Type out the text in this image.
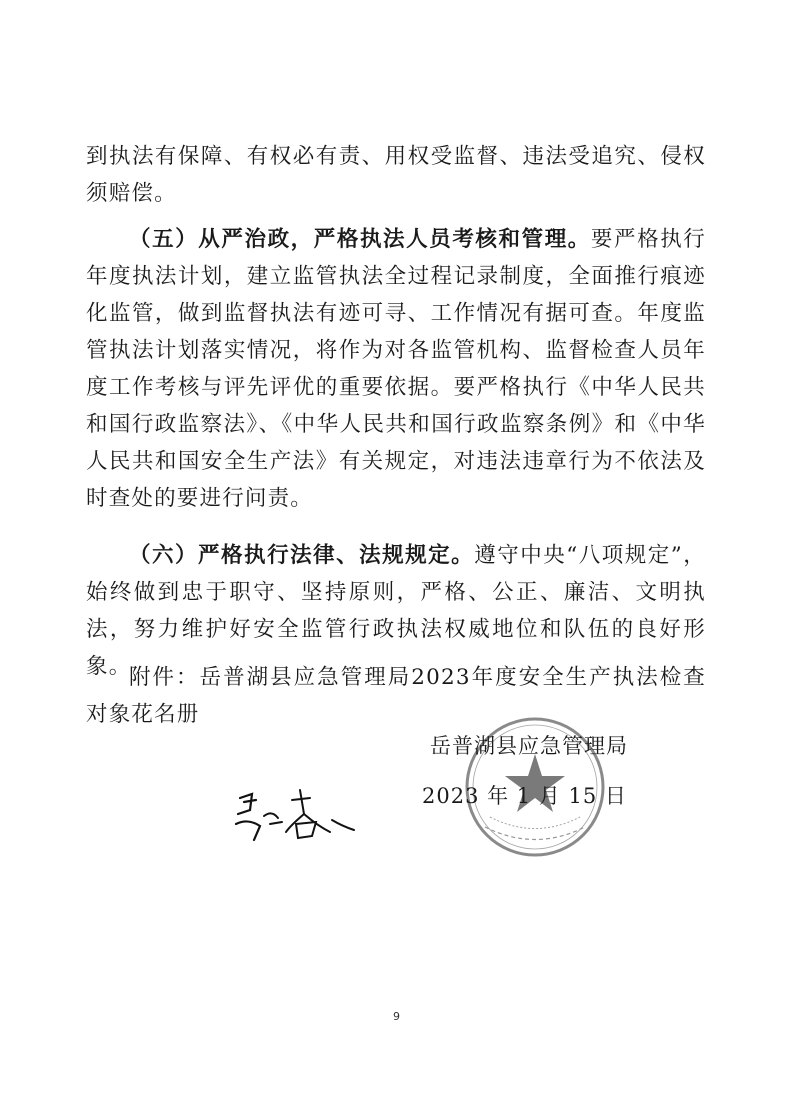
到执法有保障、有权必有责、用权受监督、违法受追究、侵权须赔偿。

（五）从严治政，严格执法人员考核和管理。要严格执行年度执法计划，建立监管执法全过程记录制度，全面推行痕迹化监管，做到监督执法有迹可寻、工作情况有据可查。年度监管执法计划落实情况，将作为对各监管机构、监督检查人员年度工作考核与评先评优的重要依据。要严格执行《中华人民共和国行政监察法》、《中华人民共和国行政监察条例》和《中华人民共和国安全生产法》有关规定，对违法违章行为不依法及时查处的要进行问责。

（六）严格执行法律、法规规定。遵守中央“八项规定”，始终做到忠于职守、坚持原则，严格、公正、廉洁、文明执法，努力维护好安全监管行政执法权威地位和队伍的良好形象。

附件：岳普湖县应急管理局2023年度安全生产执法检查对象花名册

岳普湖县应急管理局
2023 年 1 月 15 日
9
